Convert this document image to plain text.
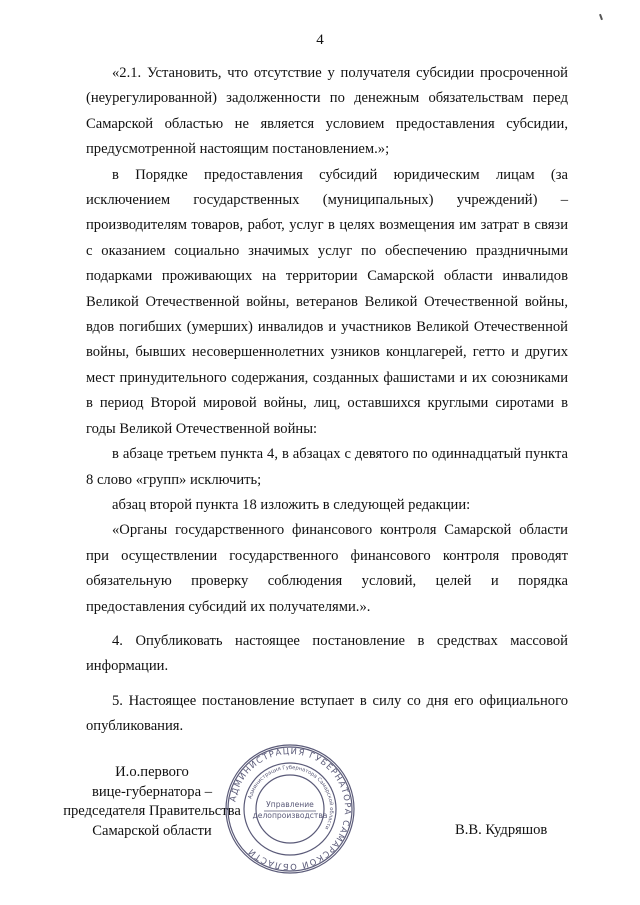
4

«2.1. Установить, что отсутствие у получателя субсидии просроченной (неурегулированной) задолженности по денежным обязательствам перед Самарской областью не является условием предоставления субсидии, предусмотренной настоящим постановлением.»;

в Порядке предоставления субсидий юридическим лицам (за исключением государственных (муниципальных) учреждений) – производителям товаров, работ, услуг в целях возмещения им затрат в связи с оказанием социально значимых услуг по обеспечению праздничными подарками проживающих на территории Самарской области инвалидов Великой Отечественной войны, ветеранов Великой Отечественной войны, вдов погибших (умерших) инвалидов и участников Великой Отечественной войны, бывших несовершеннолетних узников концлагерей, гетто и других мест принудительного содержания, созданных фашистами и их союзниками в период Второй мировой войны, лиц, оставшихся круглыми сиротами в годы Великой Отечественной войны:

в абзаце третьем пункта 4, в абзацах с девятого по одиннадцатый пункта 8 слово «групп» исключить;

абзац второй пункта 18 изложить в следующей редакции:

«Органы государственного финансового контроля Самарской области при осуществлении государственного финансового контроля проводят обязательную проверку соблюдения условий, целей и порядка предоставления субсидий их получателями.».

4. Опубликовать настоящее постановление в средствах массовой информации.

5. Настоящее постановление вступает в силу со дня его официального опубликования.

И.о.первого
вице-губернатора –
председателя Правительства
Самарской области
АДМИНИСТРАЦИЯ ГУБЕРНАТОРА САМАРСКОЙ ОБЛАСТИ
Администрация Губернатора Самарской области
Управление
делопроизводства
В.В. Кудряшов
